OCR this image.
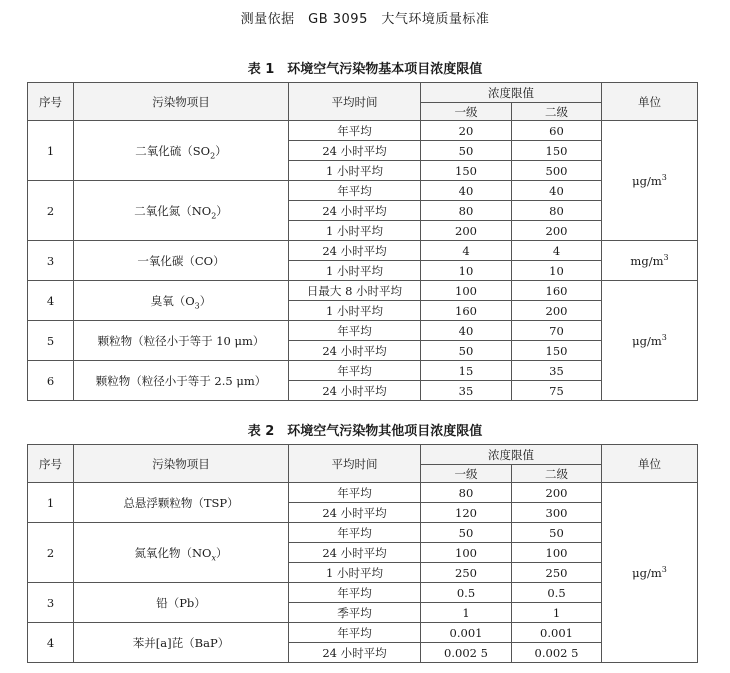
测量依据　GB 3095　大气环境质量标准
表 1　环境空气污染物基本项目浓度限值
序号	污染物项目	平均时间	浓度限值		单位
			一级	二级	
1	二氧化硫$(SO_2)$	年平均	20	60	$\mu g/m^3$
		24 小时平均	50	150	
		1 小时平均	150	500	
2	二氧化氮$(NO_2)$	年平均	40	40	
		24 小时平均	80	80	
		1 小时平均	200	200	
3	一氧化碳（CO）	24 小时平均	4	4	$mg/m^3$
		1 小时平均	10	10	
4	臭氧$(O_3)$	日最大 8 小时平均	100	160	$\mu g/m^3$
		1 小时平均	160	200	
5	颗粒物（粒径小于等于 10 μm）	年平均	40	70	
		24 小时平均	50	150	
6	颗粒物（粒径小于等于 2.5 μm）	年平均	15	35	
		24 小时平均	35	75	
表 2　环境空气污染物其他项目浓度限值
序号	污染物项目	平均时间	浓度限值		单位
			一级	二级	
1	总悬浮颗粒物（TSP）	年平均	80	200	$\mu g/m^3$
		24 小时平均	120	300	
2	氮氧化物$(NO_x)$	年平均	50	50	
		24 小时平均	100	100	
		1 小时平均	250	250	
3	铅（Pb）	年平均	0.5	0.5	
		季平均	1	1	
4	苯并[a]芘（BaP）	年平均	0.001	0.001	
		24 小时平均	0.002 5	0.002 5	
